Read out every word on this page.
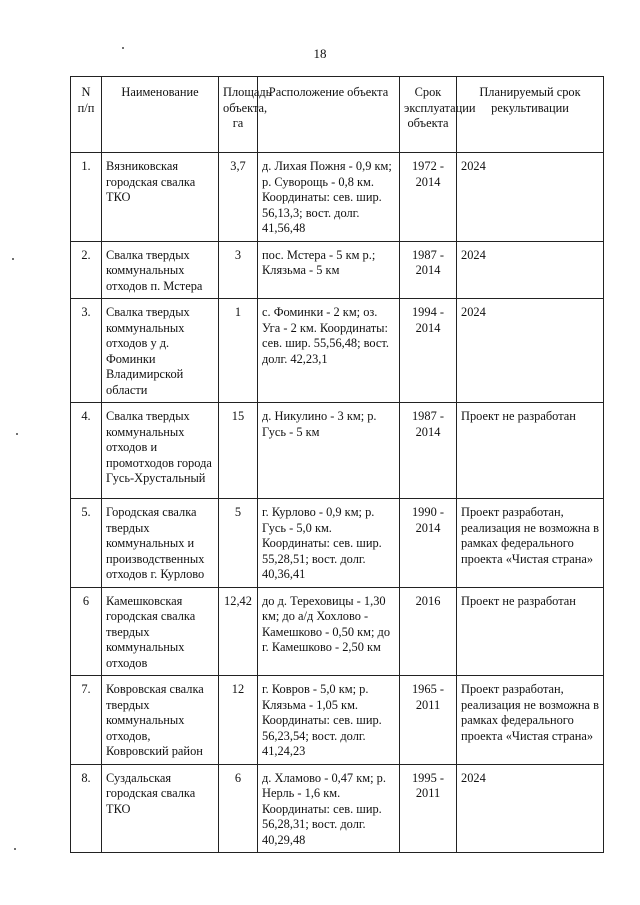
18
N п/п	Наименование	Площадь объекта, га	Расположение объекта	Срок эксплуатации объекта	Планируемый срок рекультивации
1.	Вязниковская городская свалка ТКО	3,7	д. Лихая Пожня - 0,9 км; р. Суворощь - 0,8 км. Координаты: сев. шир. 56,13,3; вост. долг. 41,56,48	1972 - 2014	2024
2.	Свалка твердых коммунальных отходов п. Мстера	3	пос. Мстера - 5 км р.; Клязьма - 5 км	1987 - 2014	2024
3.	Свалка твердых коммунальных отходов у д. Фоминки Владимирской области	1	с. Фоминки - 2 км; оз. Уга - 2 км. Координаты: сев. шир. 55,56,48; вост. долг. 42,23,1	1994 - 2014	2024
4.	Свалка твердых коммунальных отходов и промотходов города Гусь-Хрустальный	15	д. Никулино - 3 км; р. Гусь - 5 км	1987 - 2014	Проект не разработан
5.	Городская свалка твердых коммунальных и производственных отходов г. Курлово	5	г. Курлово - 0,9 км; р. Гусь - 5,0 км. Координаты: сев. шир. 55,28,51; вост. долг. 40,36,41	1990 - 2014	Проект разработан, реализация не возможна в рамках федерального проекта «Чистая страна»
6	Камешковская городская свалка твердых коммунальных отходов	12,42	до д. Тереховицы - 1,30 км; до а/д Хохлово - Камешково - 0,50 км; до г. Камешково - 2,50 км	2016	Проект не разработан
7.	Ковровская свалка твердых коммунальных отходов, Ковровский район	12	г. Ковров - 5,0 км; р. Клязьма - 1,05 км. Координаты: сев. шир. 56,23,54; вост. долг. 41,24,23	1965 - 2011	Проект разработан, реализация не возможна в рамках федерального проекта «Чистая страна»
8.	Суздальская городская свалка ТКО	6	д. Хламово - 0,47 км; р. Нерль - 1,6 км. Координаты: сев. шир. 56,28,31; вост. долг. 40,29,48	1995 - 2011	2024
